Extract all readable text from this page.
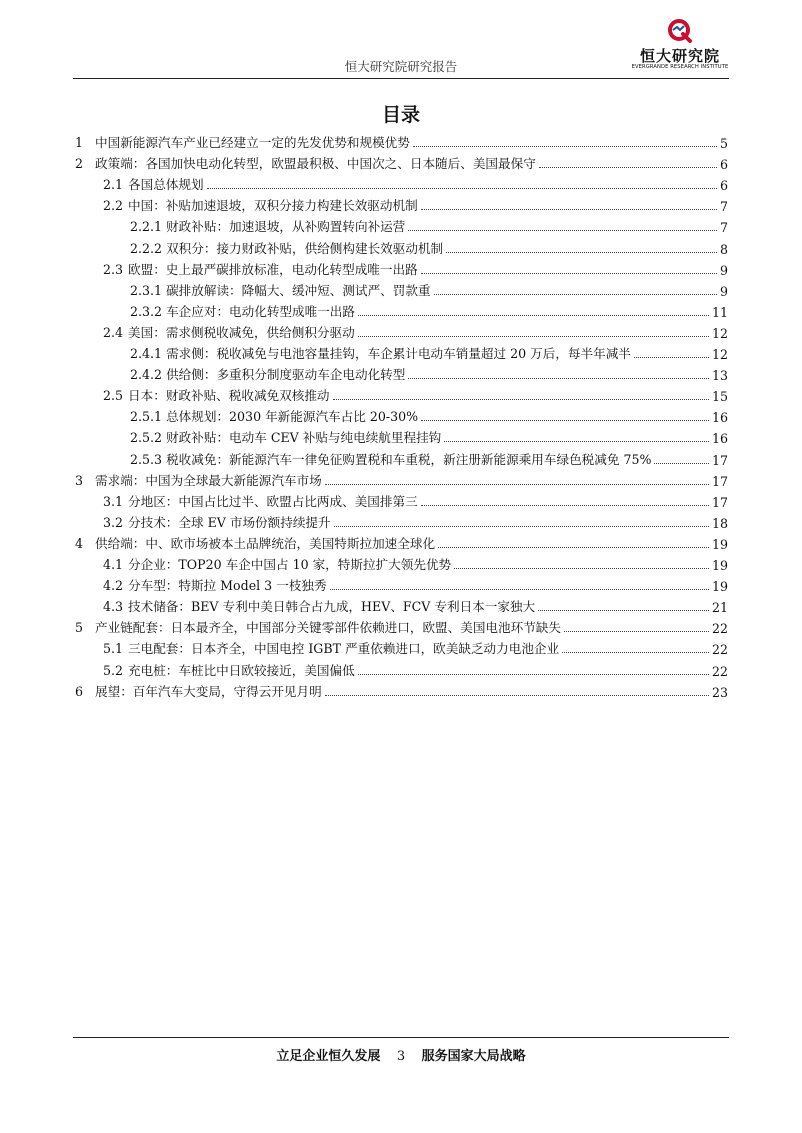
恒大研究院
EVERGRANDE RESEARCH INSTITUTE
恒大研究院研究报告
目录
1 中国新能源汽车产业已经建立一定的先发优势和规模优势	5
2 政策端：各国加快电动化转型，欧盟最积极、中国次之、日本随后、美国最保守	6
2.1 各国总体规划	6
2.2 中国：补贴加速退坡，双积分接力构建长效驱动机制	7
2.2.1 财政补贴：加速退坡，从补购置转向补运营	7
2.2.2 双积分：接力财政补贴，供给侧构建长效驱动机制	8
2.3 欧盟：史上最严碳排放标准，电动化转型成唯一出路	9
2.3.1 碳排放解读：降幅大、缓冲短、测试严、罚款重	9
2.3.2 车企应对：电动化转型成唯一出路	11
2.4 美国：需求侧税收减免，供给侧积分驱动	12
2.4.1 需求侧：税收减免与电池容量挂钩，车企累计电动车销量超过 20 万后，每半年减半	12
2.4.2 供给侧：多重积分制度驱动车企电动化转型	13
2.5 日本：财政补贴、税收减免双核推动	15
2.5.1 总体规划：2030 年新能源汽车占比 20-30%	16
2.5.2 财政补贴：电动车 CEV 补贴与纯电续航里程挂钩	16
2.5.3 税收减免：新能源汽车一律免征购置税和车重税，新注册新能源乘用车绿色税减免 75%	17
3 需求端：中国为全球最大新能源汽车市场	17
3.1 分地区：中国占比过半、欧盟占比两成、美国排第三	17
3.2 分技术：全球 EV 市场份额持续提升	18
4 供给端：中、欧市场被本土品牌统治，美国特斯拉加速全球化	19
4.1 分企业：TOP20 车企中国占 10 家，特斯拉扩大领先优势	19
4.2 分车型：特斯拉 Model 3 一枝独秀	19
4.3 技术储备：BEV 专利中美日韩合占九成，HEV、FCV 专利日本一家独大	21
5 产业链配套：日本最齐全，中国部分关键零部件依赖进口，欧盟、美国电池环节缺失	22
5.1 三电配套：日本齐全，中国电控 IGBT 严重依赖进口，欧美缺乏动力电池企业	22
5.2 充电桩：车桩比中日欧较接近，美国偏低	22
6 展望：百年汽车大变局，守得云开见月明	23
立足企业恒久发展 3 服务国家大局战略
